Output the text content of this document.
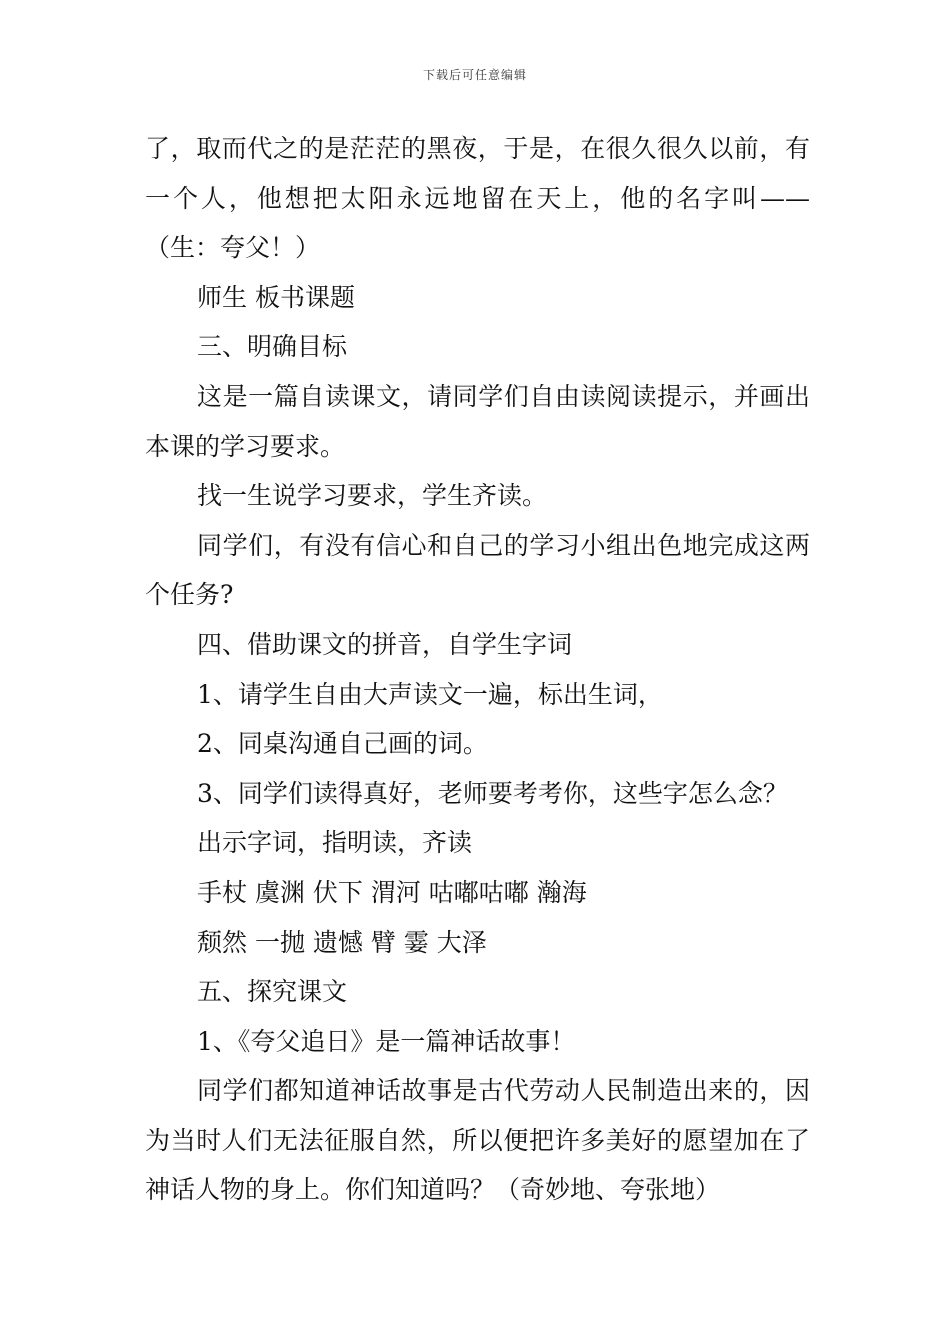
下载后可任意编辑

了，取而代之的是茫茫的黑夜，于是，在很久很久以前，有一个人，他想把太阳永远地留在天上，他的名字叫——（生：夸父！）

师生 板书课题

三、明确目标

这是一篇自读课文，请同学们自由读阅读提示，并画出本课的学习要求。

找一生说学习要求，学生齐读。

同学们，有没有信心和自己的学习小组出色地完成这两个任务?

四、借助课文的拼音，自学生字词

1、请学生自由大声读文一遍，标出生词，

2、同桌沟通自己画的词。

3、同学们读得真好，老师要考考你，这些字怎么念？

出示字词，指明读，齐读

手杖 虞渊 伏下 渭河 咕嘟咕嘟 瀚海

颓然 一抛 遗憾 臂 霎 大泽

五、探究课文

1、《夸父追日》是一篇神话故事！

同学们都知道神话故事是古代劳动人民制造出来的，因为当时人们无法征服自然，所以便把许多美好的愿望加在了神话人物的身上。你们知道吗？（奇妙地、夸张地）
